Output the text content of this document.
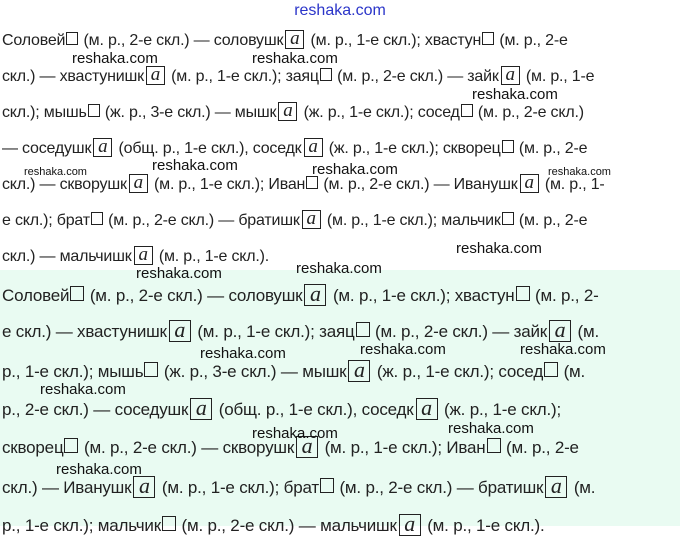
reshaka.com
Соловей (м. р., 2-е скл.) — соловушка (м. р., 1-е скл.); хвастун (м. р., 2-е
скл.) — хвастунишка (м. р., 1-е скл.); заяц (м. р., 2-е скл.) — зайка (м. р., 1-е
скл.); мышь (ж. р., 3-е скл.) — мышка (ж. р., 1-е скл.); сосед (м. р., 2-е скл.)
— соседушка (общ. р., 1-е скл.), соседка (ж. р., 1-е скл.); скворец (м. р., 2-е
скл.) — скворушка (м. р., 1-е скл.); Иван (м. р., 2-е скл.) — Иванушка (м. р., 1-
е скл.); брат (м. р., 2-е скл.) — братишка (м. р., 1-е скл.); мальчик (м. р., 2-е
скл.) — мальчишка (м. р., 1-е скл.).
Соловей (м. р., 2-е скл.) — соловушка (м. р., 1-е скл.); хвастун (м. р., 2-
е скл.) — хвастунишка (м. р., 1-е скл.); заяц (м. р., 2-е скл.) — зайка (м.
р., 1-е скл.); мышь (ж. р., 3-е скл.) — мышка (ж. р., 1-е скл.); сосед (м.
р., 2-е скл.) — соседушка (общ. р., 1-е скл.), соседка (ж. р., 1-е скл.);
скворец (м. р., 2-е скл.) — скворушка (м. р., 1-е скл.); Иван (м. р., 2-е
скл.) — Иванушка (м. р., 1-е скл.); брат (м. р., 2-е скл.) — братишка (м.
р., 1-е скл.); мальчик (м. р., 2-е скл.) — мальчишка (м. р., 1-е скл.).
reshaka.com	reshaka.com
reshaka.com
reshaka.com	reshaka.com	reshaka.com	reshaka.com
reshaka.com
reshaka.com
reshaka.com
reshaka.com	reshaka.com	reshaka.com
reshaka.com
reshaka.com
reshaka.com
reshaka.com
